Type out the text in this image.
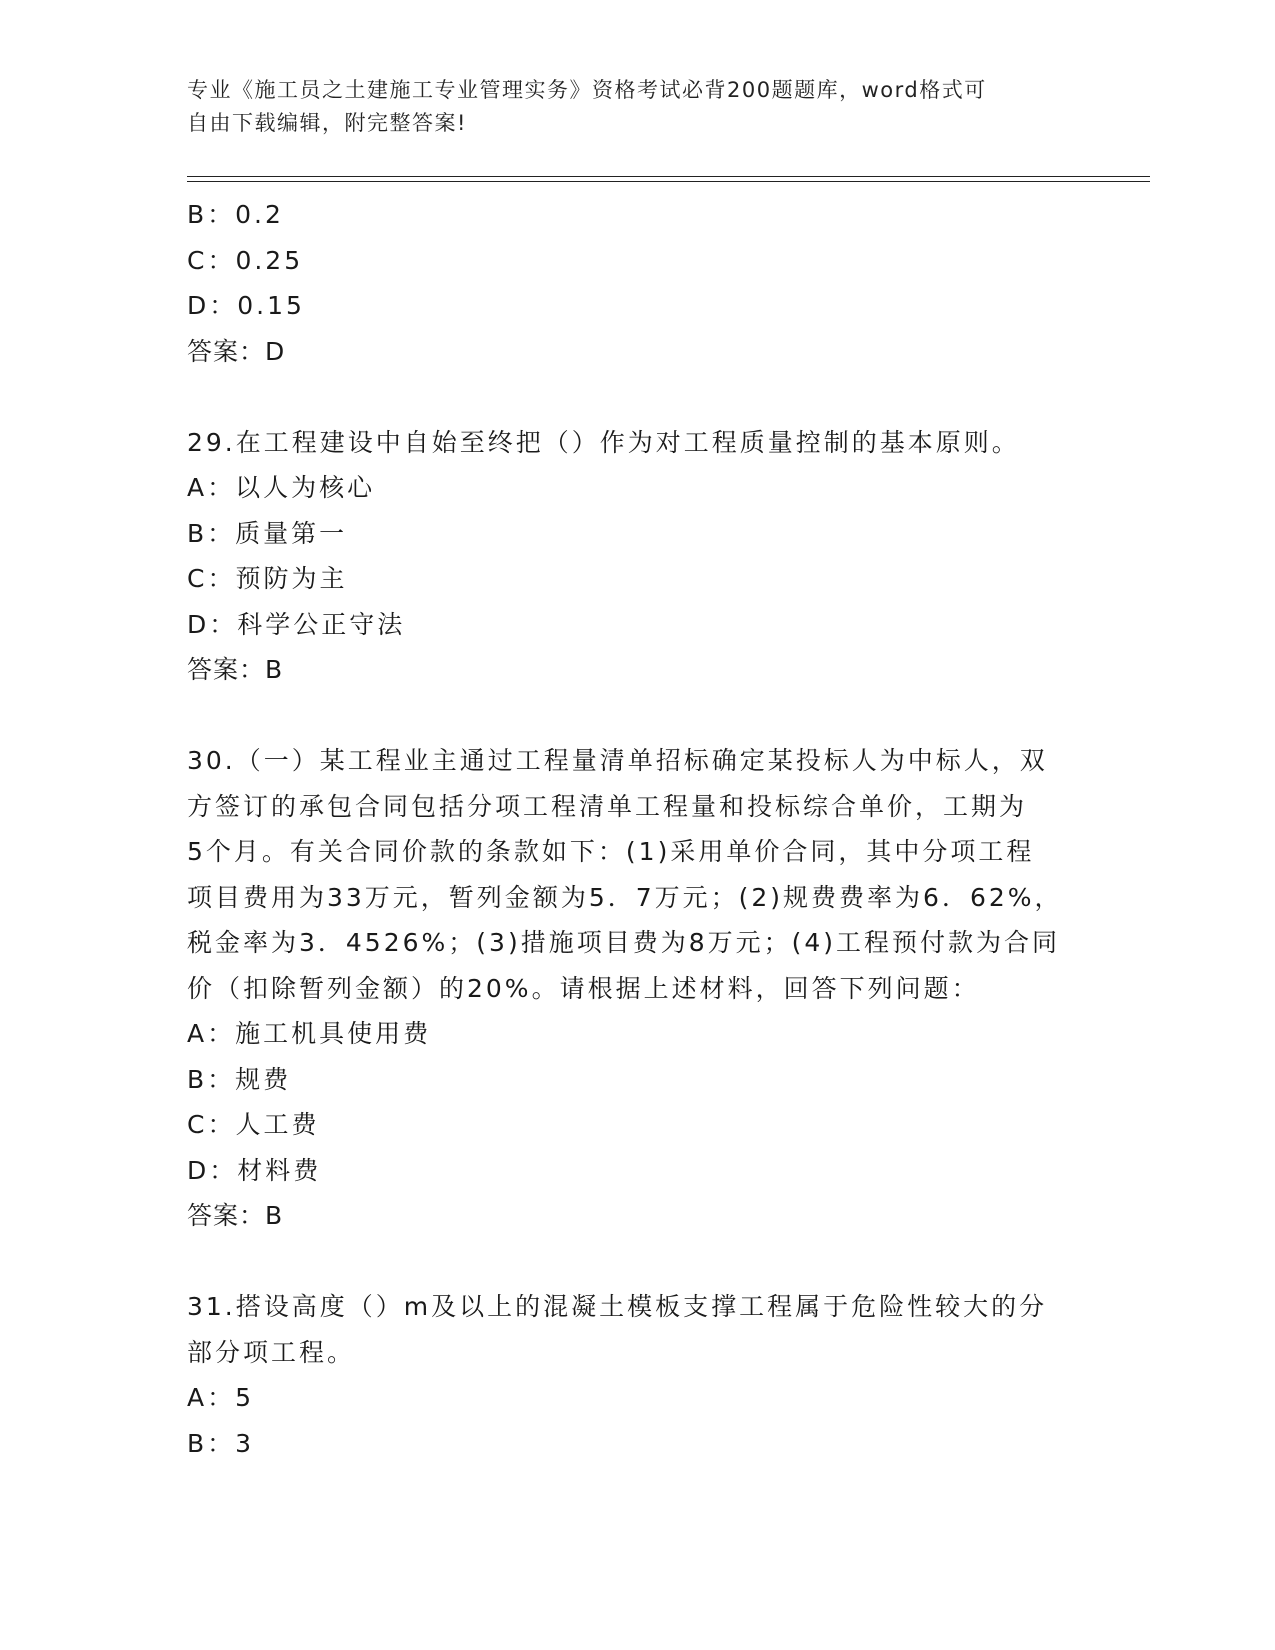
专业《施工员之土建施工专业管理实务》资格考试必背200题题库，word格式可
自由下载编辑，附完整答案!
B：0.2
C：0.25
D：0.15
答案：D
29.在工程建设中自始至终把（）作为对工程质量控制的基本原则。
A：以人为核心
B：质量第一
C：预防为主
D：科学公正守法
答案：B
30.（一）某工程业主通过工程量清单招标确定某投标人为中标人，双
方签订的承包合同包括分项工程清单工程量和投标综合单价，工期为
5个月。有关合同价款的条款如下：(1)采用单价合同，其中分项工程
项目费用为33万元，暂列金额为5．7万元；(2)规费费率为6．62%，
税金率为3．4526%；(3)措施项目费为8万元；(4)工程预付款为合同
价（扣除暂列金额）的20%。请根据上述材料，回答下列问题：
A：施工机具使用费
B：规费
C：人工费
D：材料费
答案：B
31.搭设高度（）m及以上的混凝土模板支撑工程属于危险性较大的分
部分项工程。
A：5
B：3
